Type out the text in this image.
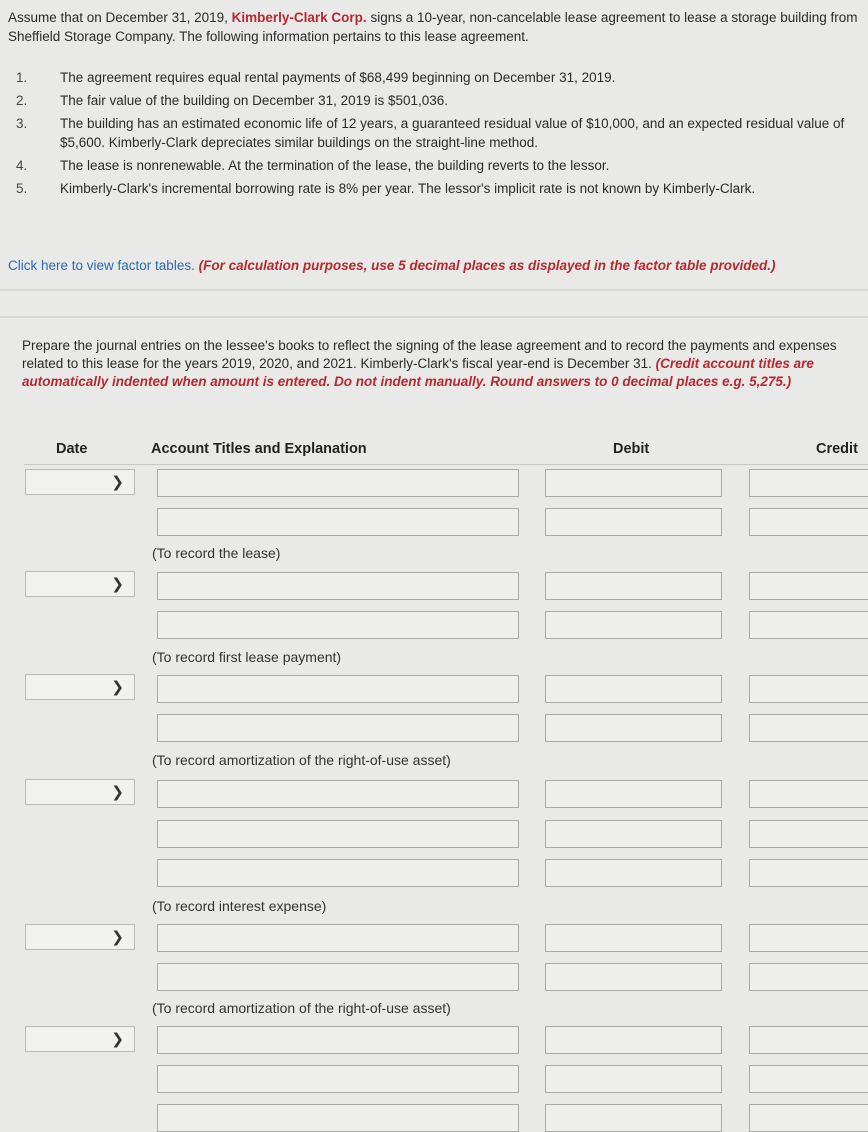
Assume that on December 31, 2019, Kimberly-Clark Corp. signs a 10-year, non-cancelable lease agreement to lease a storage building from Sheffield Storage Company. The following information pertains to this lease agreement.
1.	The agreement requires equal rental payments of $68,499 beginning on December 31, 2019.
2.	The fair value of the building on December 31, 2019 is $501,036.
3.	The building has an estimated economic life of 12 years, a guaranteed residual value of $10,000, and an expected residual value of $5,600. Kimberly-Clark depreciates similar buildings on the straight-line method.
4.	The lease is nonrenewable. At the termination of the lease, the building reverts to the lessor.
5.	Kimberly-Clark's incremental borrowing rate is 8% per year. The lessor's implicit rate is not known by Kimberly-Clark.
Click here to view factor tables. (For calculation purposes, use 5 decimal places as displayed in the factor table provided.)
Prepare the journal entries on the lessee's books to reflect the signing of the lease agreement and to record the payments and expenses related to this lease for the years 2019, 2020, and 2021. Kimberly-Clark's fiscal year-end is December 31. (Credit account titles are automatically indented when amount is entered. Do not indent manually. Round answers to 0 decimal places e.g. 5,275.)
Date	Account Titles and Explanation	Debit	Credit
❯
(To record the lease)
❯
(To record first lease payment)
❯
(To record amortization of the right-of-use asset)
❯
(To record interest expense)
❯
(To record amortization of the right-of-use asset)
❯
